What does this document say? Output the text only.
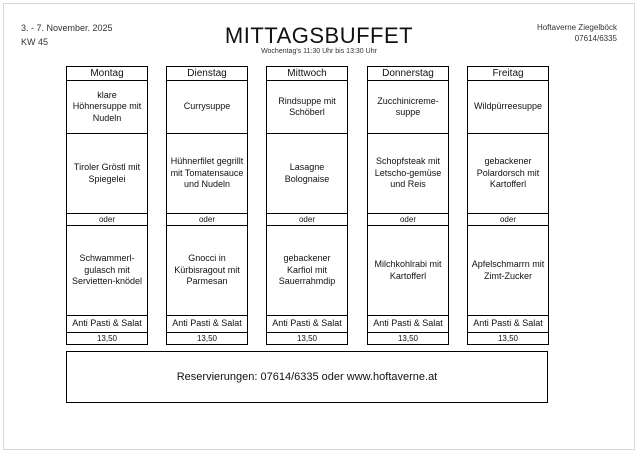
3. - 7. November. 2025
KW 45	MITTAGSBUFFET
Wochentag's 11:30 Uhr bis 13:30 Uhr
Hoftaverne Ziegelböck
07614/6335
Montag
klare Höhnersuppe mit Nudeln
Tiroler Gröstl mit Spiegelei
oder
Schwammerl-gulasch mit Servietten-knödel
Anti Pasti & Salat
13,50
Dienstag
Currysuppe
Hühnerfilet gegrillt mit Tomatensauce und Nudeln
oder
Gnocci in Kürbisragout mit Parmesan
Anti Pasti & Salat
13,50
Mittwoch
Rindsuppe mit Schöberl
Lasagne Bolognaise
oder
gebackener Karfiol mit Sauerrahmdip
Anti Pasti & Salat
13,50
Donnerstag
Zucchinicreme-suppe
Schopfsteak mit Letscho-gemüse und Reis
oder
Milchkohlrabi mit Kartofferl
Anti Pasti & Salat
13,50
Freitag
Wildpürreesuppe
gebackener Polardorsch mit Kartofferl
oder
Apfelschmarrn mit Zimt-Zucker
Anti Pasti & Salat
13,50
Reservierungen: 07614/6335 oder www.hoftaverne.at
